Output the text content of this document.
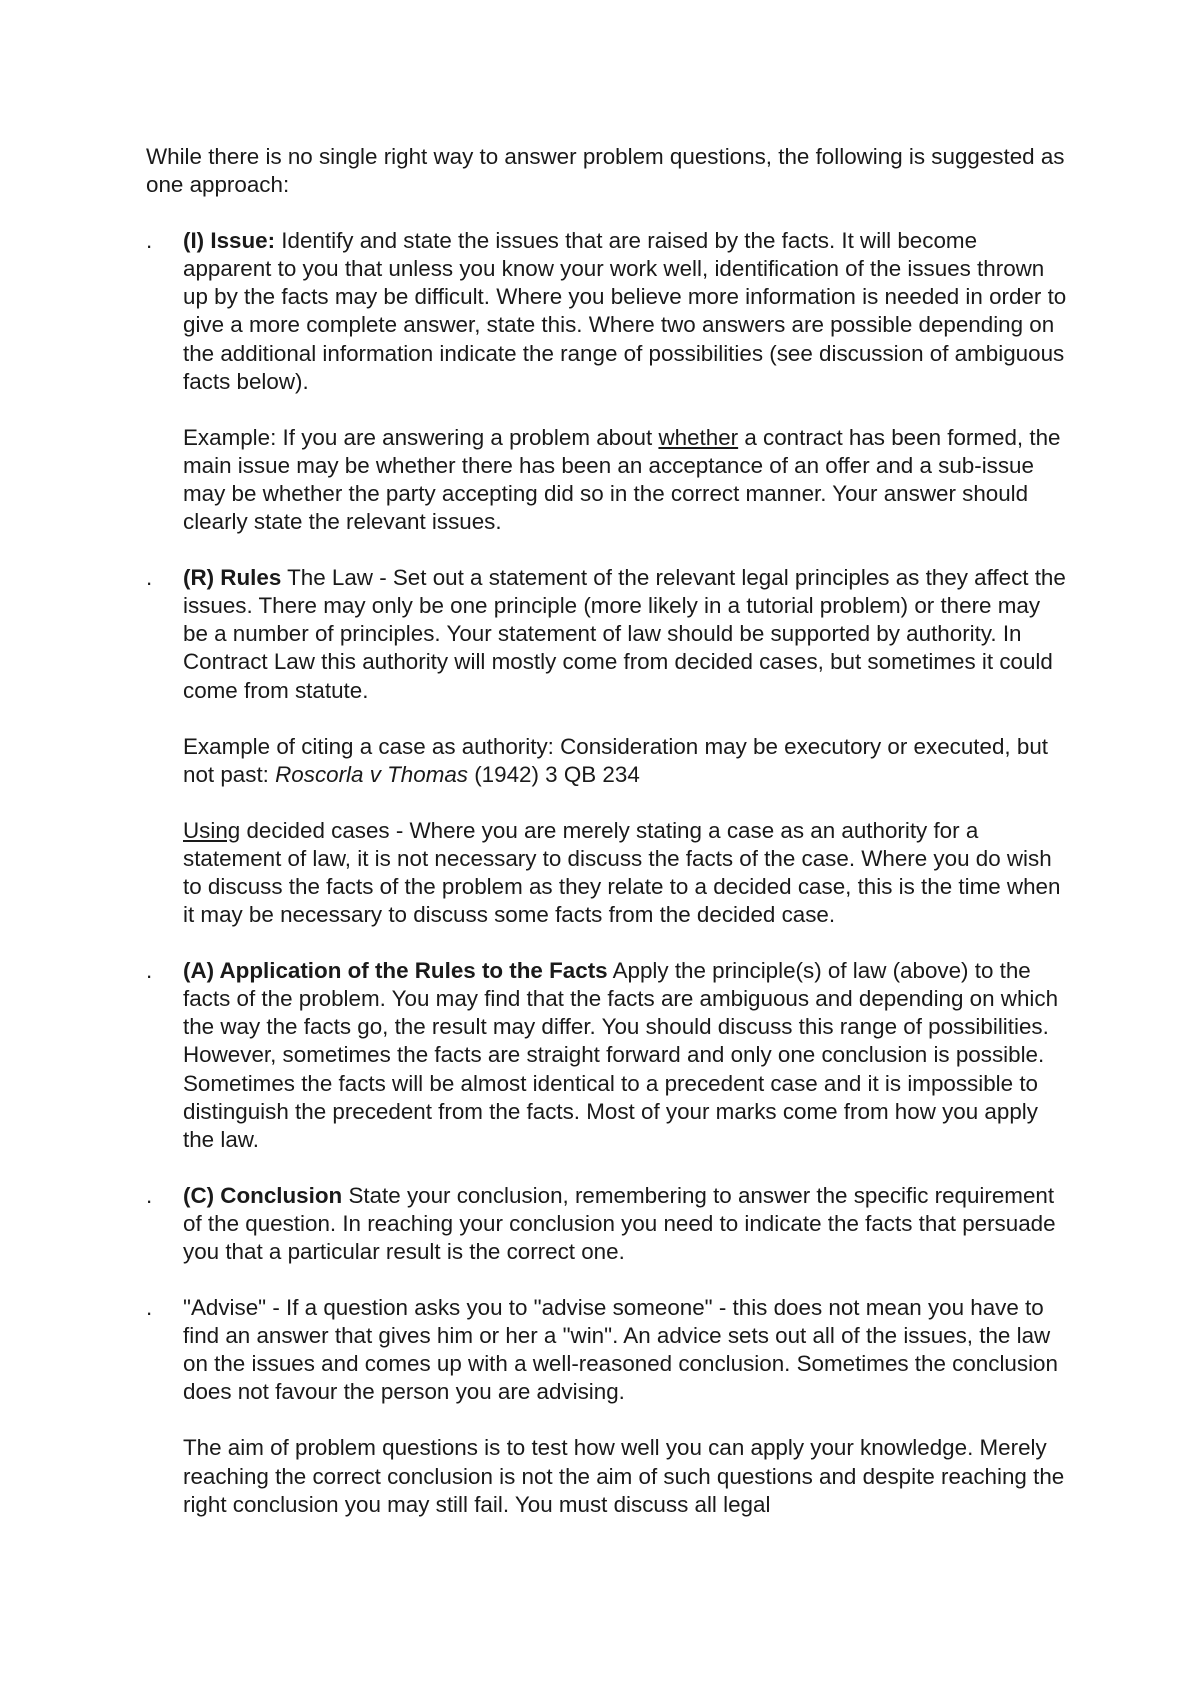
While there is no single right way to answer problem questions, the following is suggested as one approach:

. (I) Issue: Identify and state the issues that are raised by the facts. It will become apparent to you that unless you know your work well, identification of the issues thrown up by the facts may be difficult. Where you believe more information is needed in order to give a more complete answer, state this. Where two answers are possible depending on the additional information indicate the range of possibilities (see discussion of ambiguous facts below).

Example: If you are answering a problem about whether a contract has been formed, the main issue may be whether there has been an acceptance of an offer and a sub-issue may be whether the party accepting did so in the correct manner. Your answer should clearly state the relevant issues.

. (R) Rules The Law - Set out a statement of the relevant legal principles as they affect the issues. There may only be one principle (more likely in a tutorial problem) or there may be a number of principles. Your statement of law should be supported by authority. In Contract Law this authority will mostly come from decided cases, but sometimes it could come from statute.

Example of citing a case as authority: Consideration may be executory or executed, but not past: Roscorla v Thomas (1942) 3 QB 234

Using decided cases - Where you are merely stating a case as an authority for a statement of law, it is not necessary to discuss the facts of the case. Where you do wish to discuss the facts of the problem as they relate to a decided case, this is the time when it may be necessary to discuss some facts from the decided case.

. (A) Application of the Rules to the Facts Apply the principle(s) of law (above) to the facts of the problem. You may find that the facts are ambiguous and depending on which the way the facts go, the result may differ. You should discuss this range of possibilities. However, sometimes the facts are straight forward and only one conclusion is possible. Sometimes the facts will be almost identical to a precedent case and it is impossible to distinguish the precedent from the facts. Most of your marks come from how you apply the law.

. (C) Conclusion State your conclusion, remembering to answer the specific requirement of the question. In reaching your conclusion you need to indicate the facts that persuade you that a particular result is the correct one.

. "Advise" - If a question asks you to "advise someone" - this does not mean you have to find an answer that gives him or her a "win". An advice sets out all of the issues, the law on the issues and comes up with a well-reasoned conclusion. Sometimes the conclusion does not favour the person you are advising.

The aim of problem questions is to test how well you can apply your knowledge. Merely reaching the correct conclusion is not the aim of such questions and despite reaching the right conclusion you may still fail. You must discuss all legal
